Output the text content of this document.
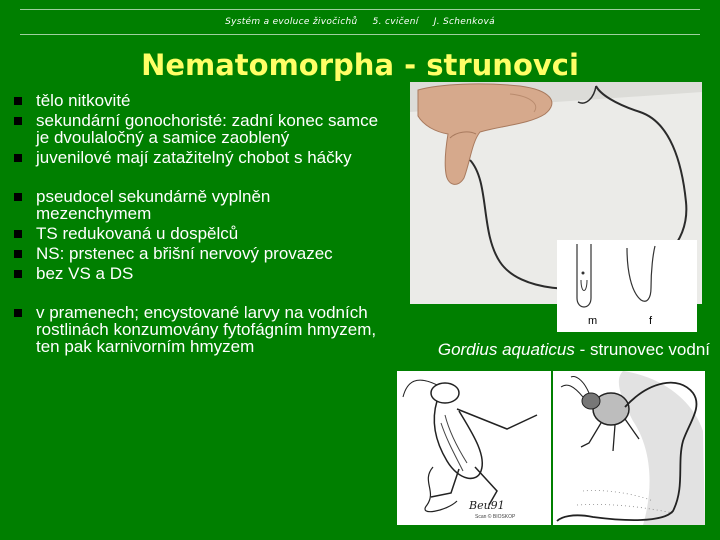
Systém a evoluce živočichů 5. cvičení J. Schenková
Nematomorpha - strunovci
tělo nitkovité
sekundární gonochoristé: zadní konec samce je dvoulaločný a samice zaoblený
juvenilové mají zatažitelný chobot s háčky
pseudocel sekundárně vyplněn mezenchymem
TS redukovaná u dospělců
NS: prstenec a břišní nervový provazec
bez VS a DS
v pramenech; encystované larvy na vodních rostlinách konzumovány fytofágním hmyzem, ten pak karnivorním hmyzem
m	f
Gordius aquaticus - strunovec vodní
Beu91
Scan © BIOSKOP
